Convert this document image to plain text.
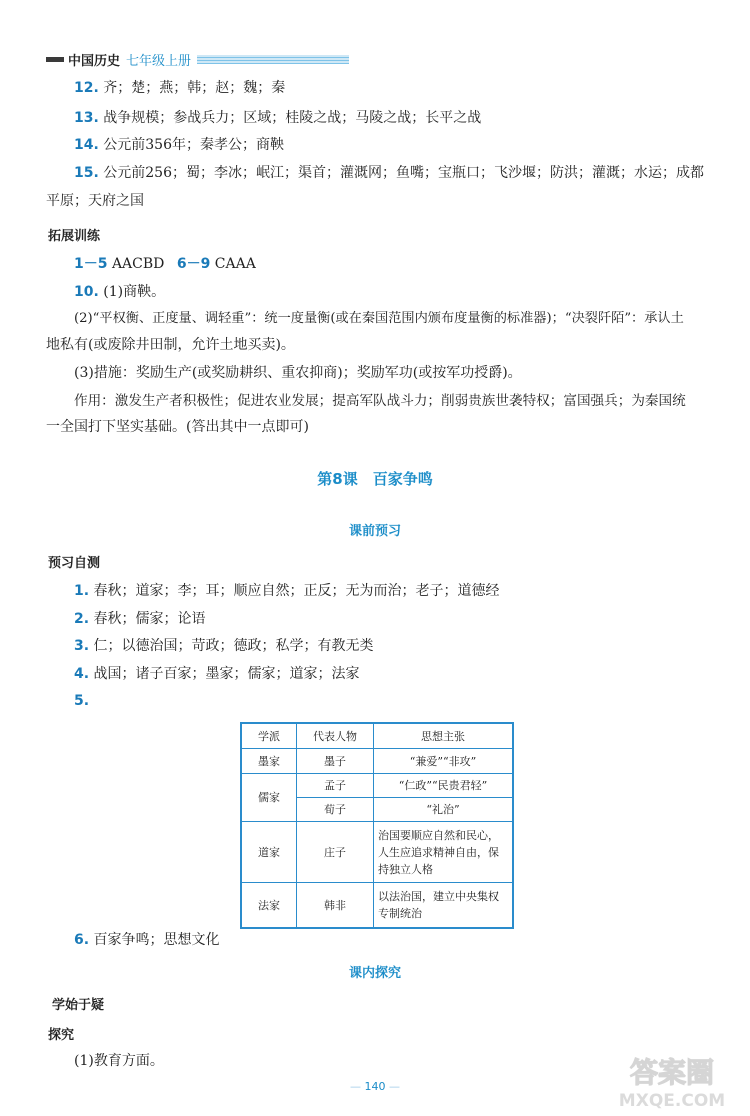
中国历史 七年级上册
12. 齐；楚；燕；韩；赵；魏；秦
13. 战争规模；参战兵力；区域；桂陵之战；马陵之战；长平之战
14. 公元前356年；秦孝公；商鞅
15. 公元前256；蜀；李冰；岷江；渠首；灌溉网；鱼嘴；宝瓶口；飞沙堰；防洪；灌溉；水运；成都
平原；天府之国
拓展训练
1－5 AACBD 6－9 CAAA
10. (1)商鞅。
(2)“平权衡、正度量、调轻重”：统一度量衡(或在秦国范围内颁布度量衡的标准器)；“决裂阡陌”：承认土
地私有(或废除井田制，允许土地买卖)。
(3)措施：奖励生产(或奖励耕织、重农抑商)；奖励军功(或按军功授爵)。
作用：激发生产者积极性；促进农业发展；提高军队战斗力；削弱贵族世袭特权；富国强兵；为秦国统
一全国打下坚实基础。(答出其中一点即可)
第8课　百家争鸣
课前预习
预习自测
1. 春秋；道家；李；耳；顺应自然；正反；无为而治；老子；道德经
2. 春秋；儒家；论语
3. 仁；以德治国；苛政；德政；私学；有教无类
4. 战国；诸子百家；墨家；儒家；道家；法家
5.
学派	代表人物	思想主张
墨家	墨子	“兼爱”“非攻”
儒家	孟子	“仁政”“民贵君轻”
	荀子	“礼治”
道家	庄子	治国要顺应自然和民心，人生应追求精神自由，保持独立人格
法家	韩非	以法治国，建立中央集权专制统治
6. 百家争鸣；思想文化
课内探究
学始于疑
探究
(1)教育方面。
— 140 —	答案圈
MXQE.COM
